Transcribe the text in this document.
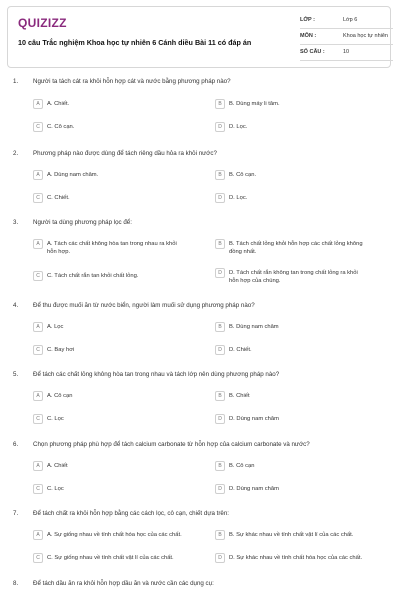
QUIZIZZ
10 câu Trắc nghiệm Khoa học tự nhiên 6 Cánh diều Bài 11 có đáp án
LỚP :	Lớp 6
MÔN :	Khoa học tự nhiên
SỐ CÂU :	10
1. Người ta tách cát ra khỏi hỗn hợp cát và nước bằng phương pháp nào?
A	A. Chiết.	B	B. Dùng máy li tâm.
C	C. Cô cạn.	D	D. Lọc.
2. Phương pháp nào được dùng để tách riêng dầu hỏa ra khỏi nước?
A	A. Dùng nam châm.	B	B. Cô cạn.
C	C. Chiết.	D	D. Lọc.
3. Người ta dùng phương pháp lọc để:
A	A. Tách các chất không hòa tan trong nhau ra khỏi hỗn hợp.
B	B. Tách chất lỏng khỏi hỗn hợp các chất lỏng không đồng nhất.
C	C. Tách chất rắn tan khỏi chất lỏng.	D	D. Tách chất rắn không tan trong chất lỏng ra khỏi hỗn hợp của chúng.
4. Để thu được muối ăn từ nước biển, người làm muối sử dụng phương pháp nào?
A	A. Lọc	B	B. Dùng nam châm
C	C. Bay hơi	D	D. Chiết.
5. Để tách các chất lỏng không hòa tan trong nhau và tách lớp nên dùng phương pháp nào?
A	A. Cô cạn	B	B. Chiết
C	C. Lọc	D	D. Dùng nam châm
6. Chọn phương pháp phù hợp để tách calcium carbonate từ hỗn hợp của calcium carbonate và nước?
A	A. Chiết	B	B. Cô cạn
C	C. Lọc	D	D. Dùng nam châm
7. Để tách chất ra khỏi hỗn hợp bằng các cách lọc, cô cạn, chiết dựa trên:
A	A. Sự giống nhau về tính chất hóa học của các chất.	B	B. Sự khác nhau về tính chất vật lí của các chất.
C	C. Sự giống nhau về tính chất vật lí của các chất.	D	D. Sự khác nhau về tính chất hóa học của các chất.
8. Để tách dầu ăn ra khỏi hỗn hợp dầu ăn và nước cần các dụng cụ:
